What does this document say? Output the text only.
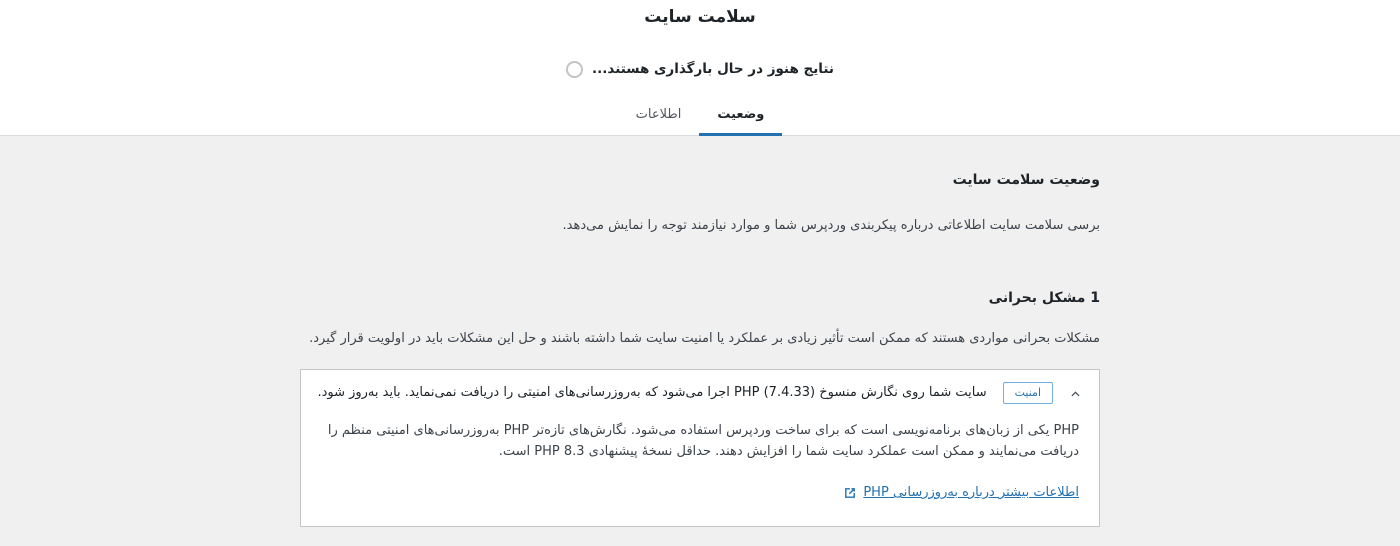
سلامت سایت
نتایج هنوز در حال بارگذاری هستند...
وضعیت
اطلاعات
وضعیت سلامت سایت

برسی سلامت سایت اطلاعاتی درباره پیکربندی وردپرس شما و موارد نیازمند توجه را نمایش می‌دهد.

1 مشکل بحرانی

مشکلات بحرانی مواردی هستند که ممکن است تأثیر زیادی بر عملکرد یا امنیت سایت شما داشته باشند و حل این مشکلات باید در اولویت قرار گیرد.

امنیت
سایت شما روی نگارش منسوخ (7.4.33) PHP اجرا می‌شود که به‌روزرسانی‌های امنیتی را دریافت نمی‌نماید. باید به‌روز شود.

PHP یکی از زبان‌های برنامه‌نویسی است که برای ساخت وردپرس استفاده می‌شود. نگارش‌های تازه‌تر PHP به‌روزرسانی‌های امنیتی منظم را دریافت می‌نمایند و ممکن است عملکرد سایت شما را افزایش دهند. حداقل نسخهٔ پیشنهادی PHP 8.3 است.

اطلاعات بیشتر درباره به‌روزرسانی PHP
